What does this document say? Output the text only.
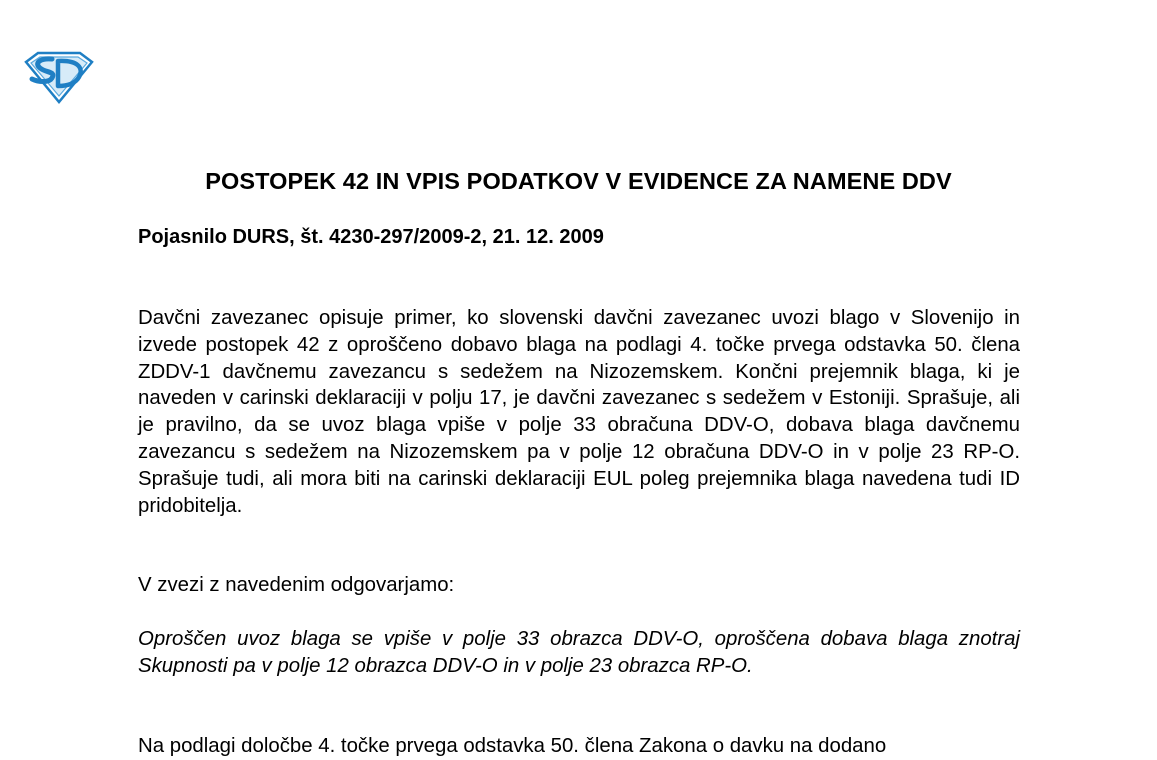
POSTOPEK 42 IN VPIS PODATKOV V EVIDENCE ZA NAMENE DDV

Pojasnilo DURS, št. 4230-297/2009-2, 21. 12. 2009

Davčni zavezanec opisuje primer, ko slovenski davčni zavezanec uvozi blago v Slovenijo in izvede postopek 42 z oproščeno dobavo blaga na podlagi 4. točke prvega odstavka 50. člena ZDDV-1 davčnemu zavezancu s sedežem na Nizozemskem. Končni prejemnik blaga, ki je naveden v carinski deklaraciji v polju 17, je davčni zavezanec s sedežem v Estoniji. Sprašuje, ali je pravilno, da se uvoz blaga vpiše v polje 33 obračuna DDV-O, dobava blaga davčnemu zavezancu s sedežem na Nizozemskem pa v polje 12 obračuna DDV-O in v polje 23 RP-O. Sprašuje tudi, ali mora biti na carinski deklaraciji EUL poleg prejemnika blaga navedena tudi ID pridobitelja.

V zvezi z navedenim odgovarjamo:

Oproščen uvoz blaga se vpiše v polje 33 obrazca DDV-O, oproščena dobava blaga znotraj Skupnosti pa v polje 12 obrazca DDV-O in v polje 23 obrazca RP-O.

Na podlagi določbe 4. točke prvega odstavka 50. člena Zakona o davku na dodano
